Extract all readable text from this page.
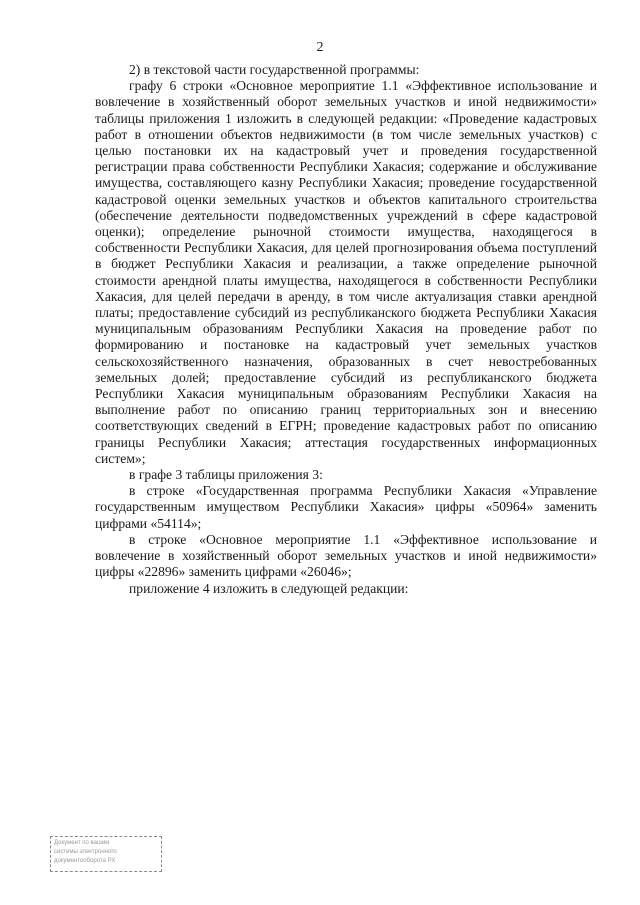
2

2) в текстовой части государственной программы:

графу 6 строки «Основное мероприятие 1.1 «Эффективное использование и вовлечение в хозяйственный оборот земельных участков и иной недвижимости» таблицы приложения 1 изложить в следующей редакции: «Проведение кадастровых работ в отношении объектов недвижимости (в том числе земельных участков) с целью постановки их на кадастровый учет и проведения государственной регистрации права собственности Республики Хакасия; содержание и обслуживание имущества, составляющего казну Республики Хакасия; проведение государственной кадастровой оценки земельных участков и объектов капитального строительства (обеспечение деятельности подведомственных учреждений в сфере кадастровой оценки); определение рыночной стоимости имущества, находящегося в собственности Республики Хакасия, для целей прогнозирования объема поступлений в бюджет Республики Хакасия и реализации, а также определение рыночной стоимости арендной платы имущества, находящегося в собственности Республики Хакасия, для целей передачи в аренду, в том числе актуализация ставки арендной платы; предоставление субсидий из республиканского бюджета Республики Хакасия муниципальным образованиям Республики Хакасия на проведение работ по формированию и постановке на кадастровый учет земельных участков сельскохозяйственного назначения, образованных в счет невостребованных земельных долей; предоставление субсидий из республиканского бюджета Республики Хакасия муниципальным образованиям Республики Хакасия на выполнение работ по описанию границ территориальных зон и внесению соответствующих сведений в ЕГРН; проведение кадастровых работ по описанию границы Республики Хакасия; аттестация государственных информационных систем»;

в графе 3 таблицы приложения 3:

в строке «Государственная программа Республики Хакасия «Управление государственным имуществом Республики Хакасия» цифры «50964» заменить цифрами «54114»;

в строке «Основное мероприятие 1.1 «Эффективное использование и вовлечение в хозяйственный оборот земельных участков и иной недвижимости» цифры «22896» заменить цифрами «26046»;

приложение 4 изложить в следующей редакции:

Документ по вашим
системы электронного
документооборота РХ
